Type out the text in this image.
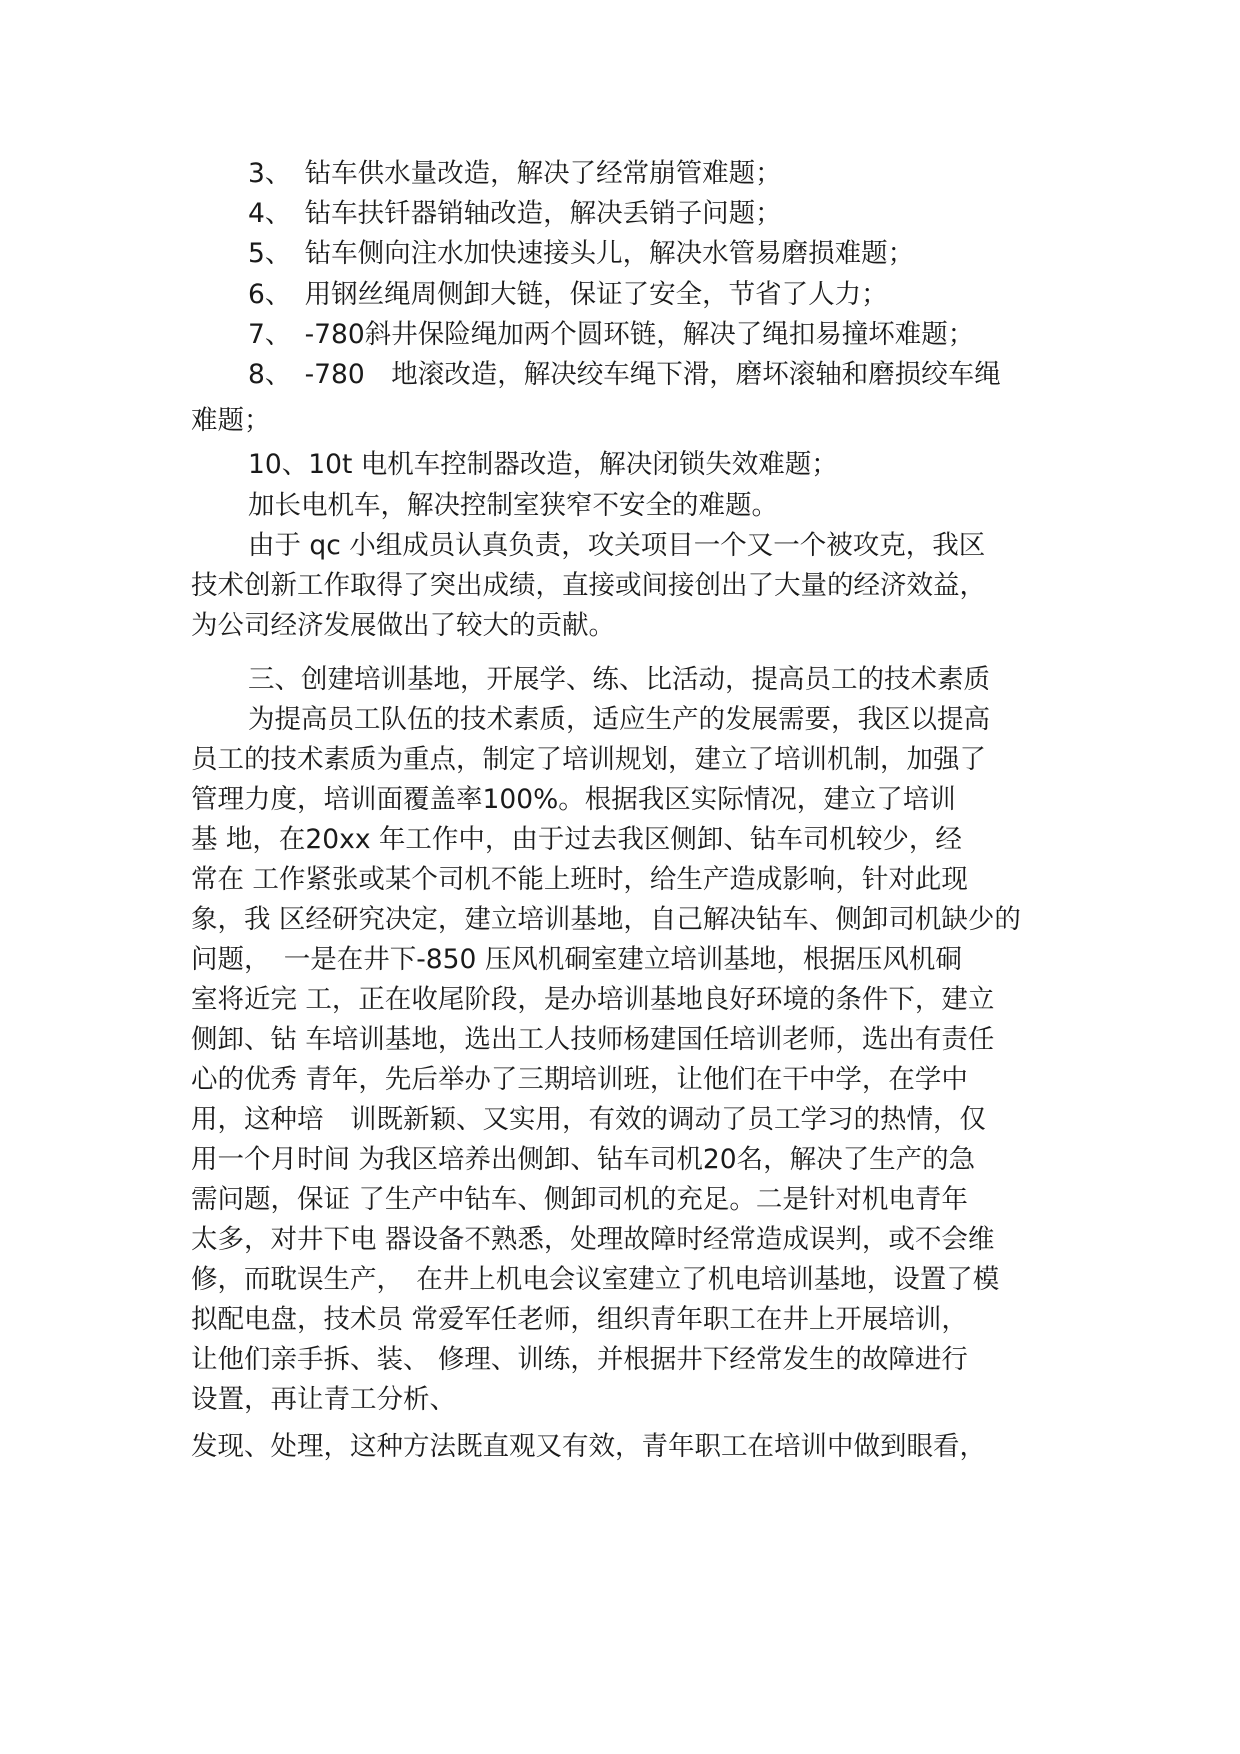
3、　钻车供水量改造，解决了经常崩管难题；

4、　钻车扶钎器销轴改造，解决丢销子问题；

5、　钻车侧向注水加快速接头儿，解决水管易磨损难题；

6、　用钢丝绳周侧卸大链，保证了安全，节省了人力；

7、　-780斜井保险绳加两个圆环链，解决了绳扣易撞坏难题；

8、　-780　地滚改造，解决绞车绳下滑，磨坏滚轴和磨损绞车绳

难题；

10、10t 电机车控制器改造，解决闭锁失效难题；

加长电机车，解决控制室狭窄不安全的难题。

由于 qc 小组成员认真负责，攻关项目一个又一个被攻克，我区

技术创新工作取得了突出成绩，直接或间接创出了大量的经济效益，

为公司经济发展做出了较大的贡献。

三、创建培训基地，开展学、练、比活动，提高员工的技术素质

为提高员工队伍的技术素质，适应生产的发展需要，我区以提高

员工的技术素质为重点，制定了培训规划，建立了培训机制，加强了

管理力度，培训面覆盖率100%。根据我区实际情况，建立了培训

基 地，在20xx 年工作中，由于过去我区侧卸、钻车司机较少，经

常在 工作紧张或某个司机不能上班时，给生产造成影响，针对此现

象，我 区经研究决定，建立培训基地，自己解决钻车、侧卸司机缺少的

问题，　一是在井下-850 压风机硐室建立培训基地，根据压风机硐

室将近完 工，正在收尾阶段，是办培训基地良好环境的条件下，建立

侧卸、钻 车培训基地，选出工人技师杨建国任培训老师，选出有责任

心的优秀 青年，先后举办了三期培训班，让他们在干中学，在学中

用，这种培　训既新颖、又实用，有效的调动了员工学习的热情，仅

用一个月时间 为我区培养出侧卸、钻车司机20名，解决了生产的急

需问题，保证 了生产中钻车、侧卸司机的充足。二是针对机电青年

太多，对井下电 器设备不熟悉，处理故障时经常造成误判，或不会维

修，而耽误生产，　在井上机电会议室建立了机电培训基地，设置了模

拟配电盘，技术员 常爱军任老师，组织青年职工在井上开展培训，

让他们亲手拆、装、 修理、训练，并根据井下经常发生的故障进行

设置，再让青工分析、

发现、处理，这种方法既直观又有效，青年职工在培训中做到眼看，
